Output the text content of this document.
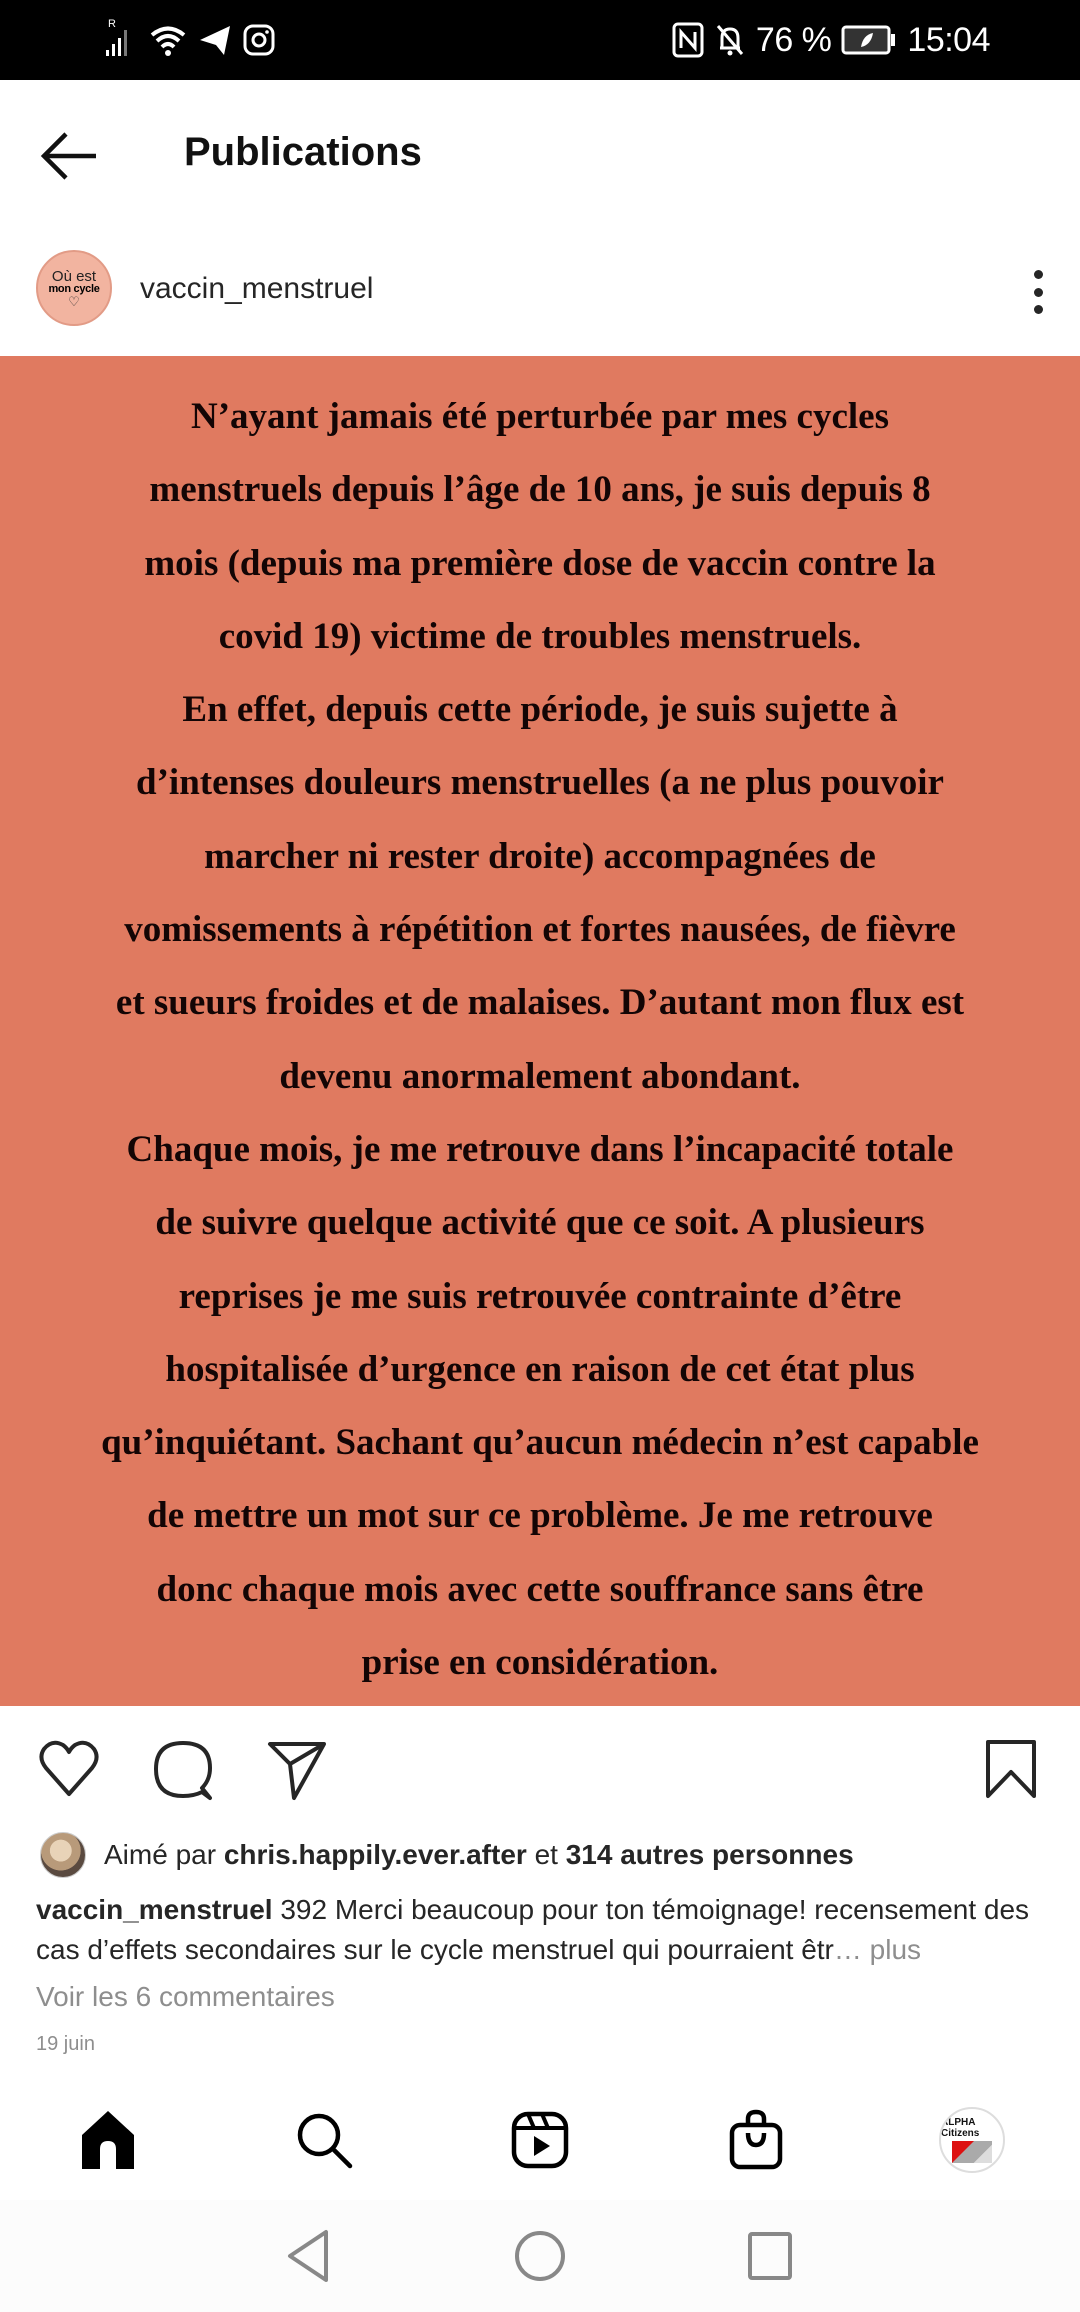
R	76 % 15:04
Publications
Où est
mon cycle
♡ vaccin_menstruel
N’ayant jamais été perturbée par mes cycles
menstruels depuis l’âge de 10 ans, je suis depuis 8
mois (depuis ma première dose de vaccin contre la
covid 19) victime de troubles menstruels.
En effet, depuis cette période, je suis sujette à
d’intenses douleurs menstruelles (a ne plus pouvoir
marcher ni rester droite) accompagnées de
vomissements à répétition et fortes nausées, de fièvre
et sueurs froides et de malaises. D’autant mon flux est
devenu anormalement abondant.
Chaque mois, je me retrouve dans l’incapacité totale
de suivre quelque activité que ce soit. A plusieurs
reprises je me suis retrouvée contrainte d’être
hospitalisée d’urgence en raison de cet état plus
qu’inquiétant. Sachant qu’aucun médecin n’est capable
de mettre un mot sur ce problème. Je me retrouve
donc chaque mois avec cette souffrance sans être
prise en considération.
Aimé par chris.happily.ever.after et 314 autres personnes
vaccin_menstruel 392 Merci beaucoup pour ton témoignage! recensement des cas d’effets secondaires sur le cycle menstruel qui pourraient êtr… plus
Voir les 6 commentaires
19 juin
ALPHA Citizens
